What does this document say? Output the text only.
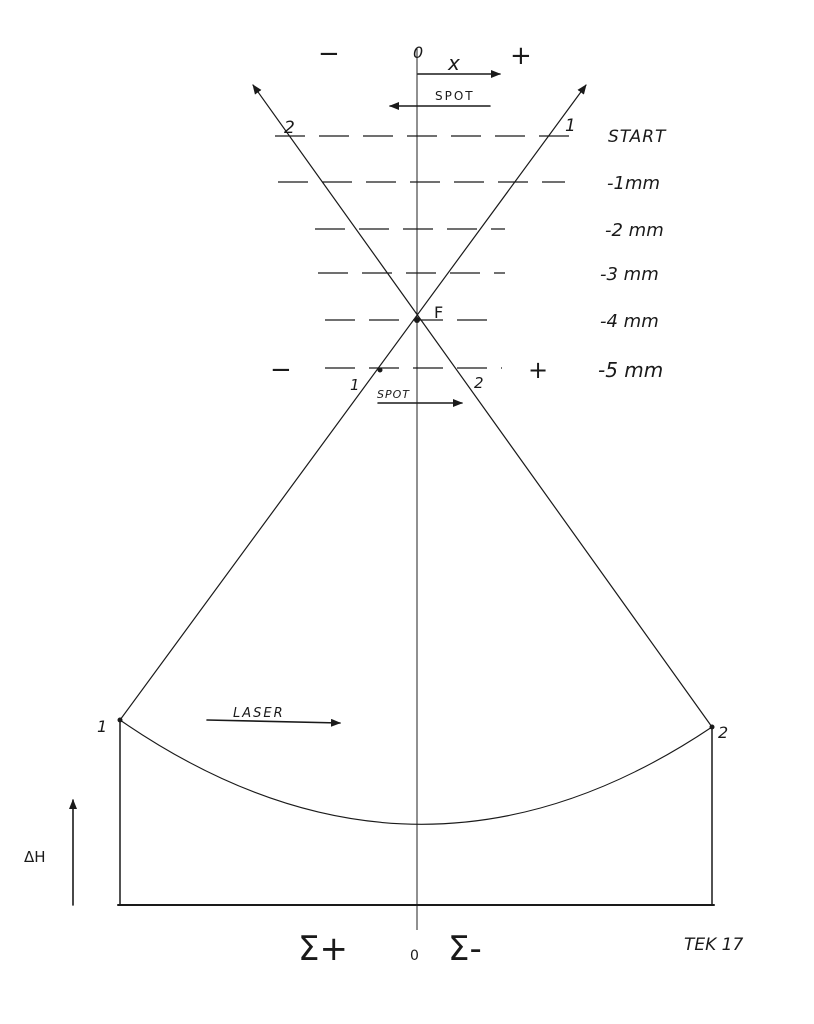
0
−	+
x
SPOT
2	1
START
-1mm
-2 mm
-3 mm
-4 mm
-5 mm
F
−	+
1	2
SPOT
1	2
LASER
ΔH
Σ+	0 Σ-	TEK 17
